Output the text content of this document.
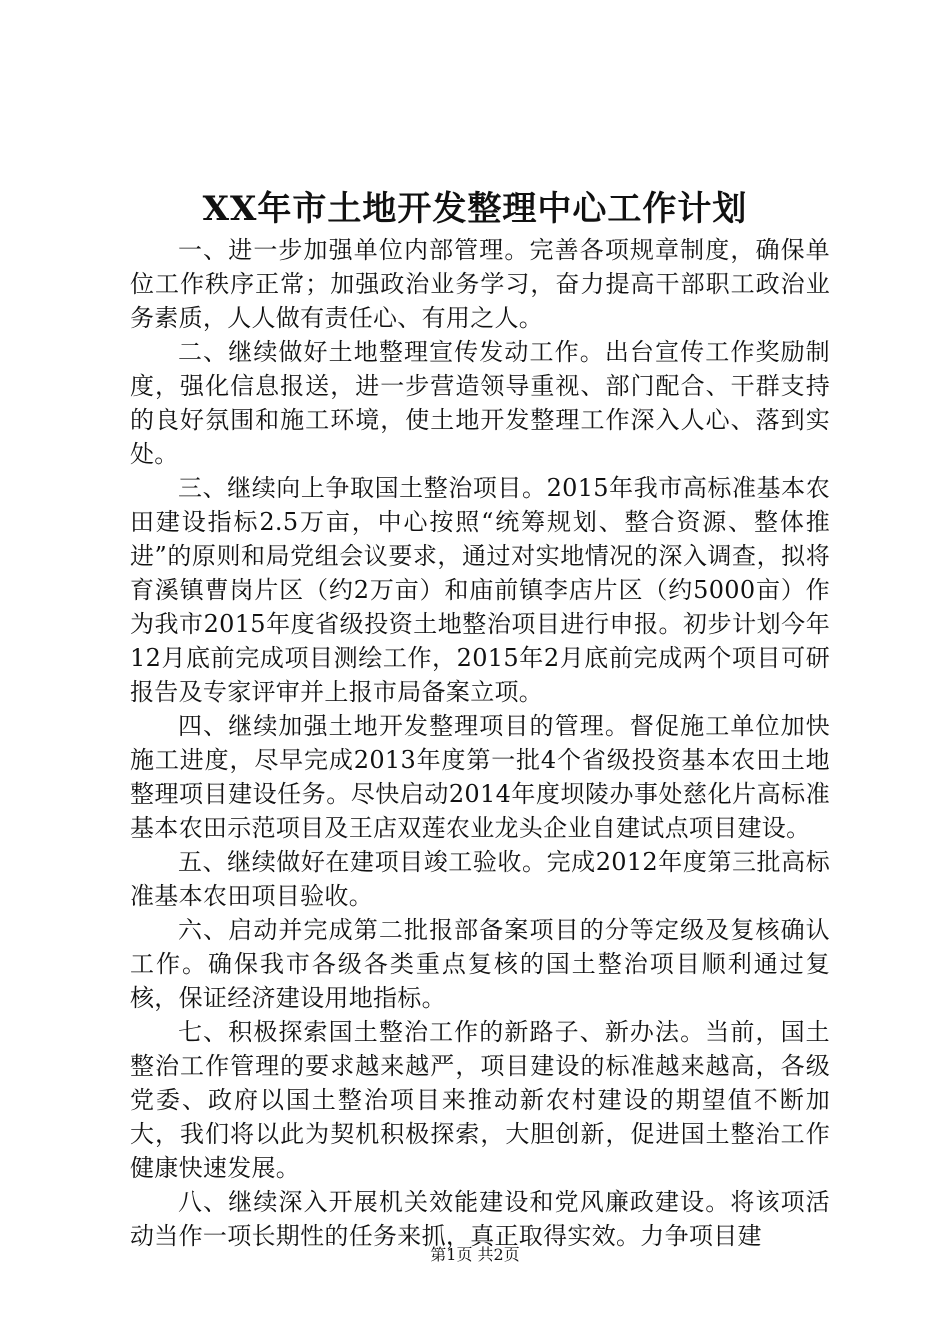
XX年市土地开发整理中心工作计划

一、进一步加强单位内部管理。完善各项规章制度，确保单位工作秩序正常；加强政治业务学习，奋力提高干部职工政治业务素质，人人做有责任心、有用之人。

二、继续做好土地整理宣传发动工作。出台宣传工作奖励制度，强化信息报送，进一步营造领导重视、部门配合、干群支持的良好氛围和施工环境，使土地开发整理工作深入人心、落到实处。

三、继续向上争取国土整治项目。2015年我市高标准基本农田建设指标2.5万亩，中心按照“统筹规划、整合资源、整体推进”的原则和局党组会议要求，通过对实地情况的深入调查，拟将育溪镇曹岗片区（约2万亩）和庙前镇李店片区（约5000亩）作为我市2015年度省级投资土地整治项目进行申报。初步计划今年12月底前完成项目测绘工作，2015年2月底前完成两个项目可研报告及专家评审并上报市局备案立项。

四、继续加强土地开发整理项目的管理。督促施工单位加快施工进度，尽早完成2013年度第一批4个省级投资基本农田土地整理项目建设任务。尽快启动2014年度坝陵办事处慈化片高标准基本农田示范项目及王店双莲农业龙头企业自建试点项目建设。

五、继续做好在建项目竣工验收。完成2012年度第三批高标准基本农田项目验收。

六、启动并完成第二批报部备案项目的分等定级及复核确认工作。确保我市各级各类重点复核的国土整治项目顺利通过复核，保证经济建设用地指标。

七、积极探索国土整治工作的新路子、新办法。当前，国土整治工作管理的要求越来越严，项目建设的标准越来越高，各级党委、政府以国土整治项目来推动新农村建设的期望值不断加大，我们将以此为契机积极探索，大胆创新，促进国土整治工作健康快速发展。

八、继续深入开展机关效能建设和党风廉政建设。将该项活动当作一项长期性的任务来抓，真正取得实效。力争项目建

第1页 共2页
